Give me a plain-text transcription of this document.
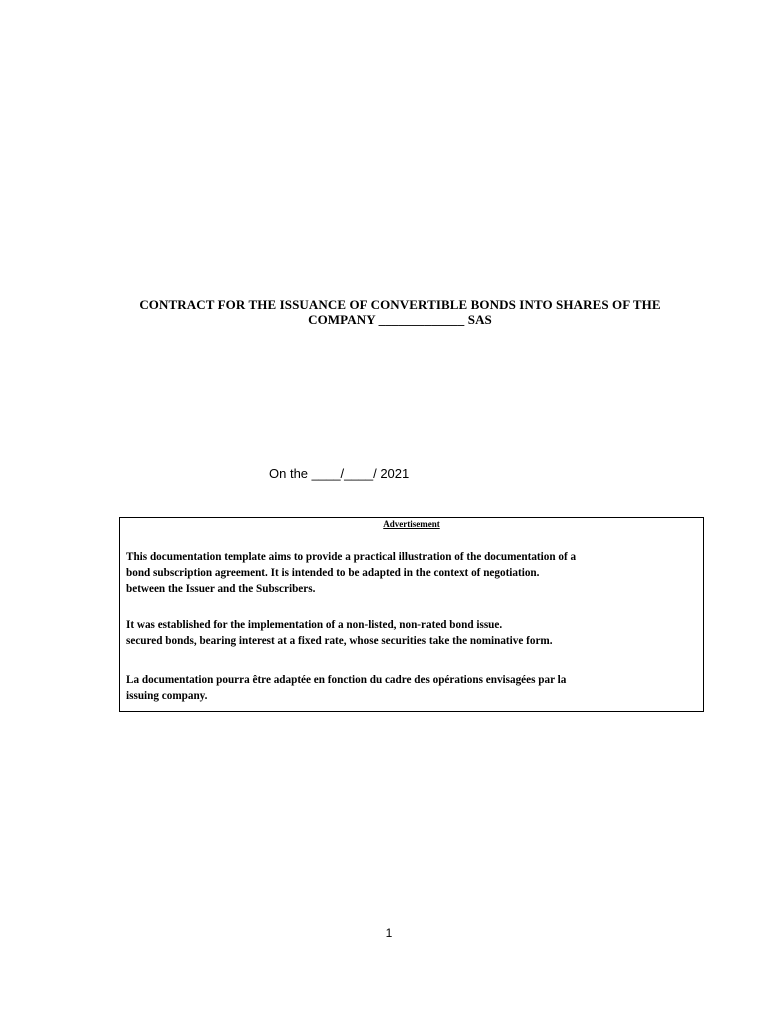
CONTRACT FOR THE ISSUANCE OF CONVERTIBLE BONDS INTO SHARES OF THE
COMPANY _____________ SAS
On the ____/____/ 2021
Advertisement

This documentation template aims to provide a practical illustration of the documentation of a
bond subscription agreement. It is intended to be adapted in the context of negotiation.
between the Issuer and the Subscribers.

It was established for the implementation of a non-listed, non-rated bond issue.
secured bonds, bearing interest at a fixed rate, whose securities take the nominative form.

La documentation pourra être adaptée en fonction du cadre des opérations envisagées par la
issuing company.

1
